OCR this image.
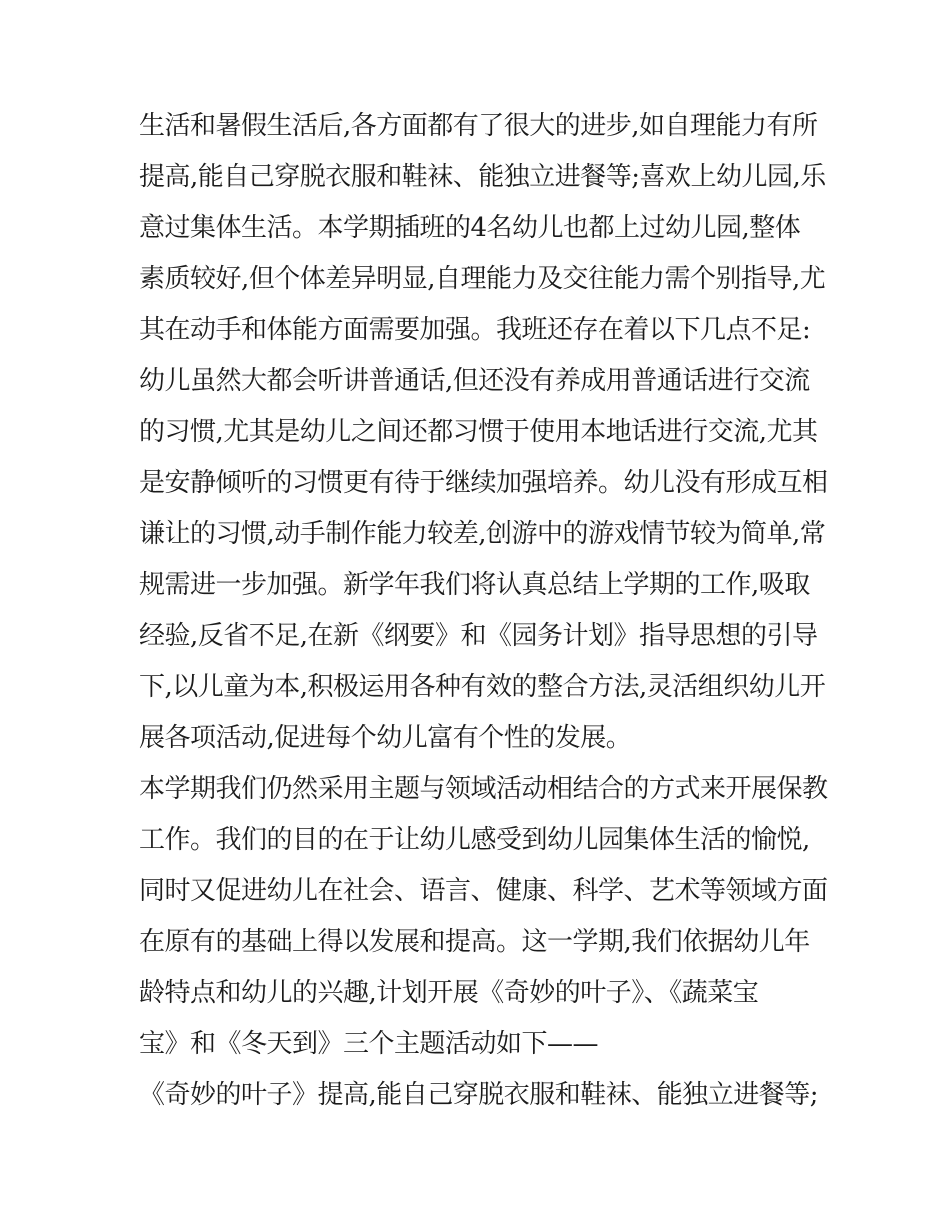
生活和暑假生活后,各方面都有了很大的进步,如自理能力有所
提高,能自己穿脱衣服和鞋袜、能独立进餐等;喜欢上幼儿园,乐
意过集体生活。本学期插班的4名幼儿也都上过幼儿园,整体
素质较好,但个体差异明显,自理能力及交往能力需个别指导,尤
其在动手和体能方面需要加强。我班还存在着以下几点不足:
幼儿虽然大都会听讲普通话,但还没有养成用普通话进行交流
的习惯,尤其是幼儿之间还都习惯于使用本地话进行交流,尤其
是安静倾听的习惯更有待于继续加强培养。幼儿没有形成互相
谦让的习惯,动手制作能力较差,创游中的游戏情节较为简单,常
规需进一步加强。新学年我们将认真总结上学期的工作,吸取
经验,反省不足,在新《纲要》和《园务计划》指导思想的引导
下,以儿童为本,积极运用各种有效的整合方法,灵活组织幼儿开
展各项活动,促进每个幼儿富有个性的发展。
本学期我们仍然采用主题与领域活动相结合的方式来开展保教
工作。我们的目的在于让幼儿感受到幼儿园集体生活的愉悦,
同时又促进幼儿在社会、语言、健康、科学、艺术等领域方面
在原有的基础上得以发展和提高。这一学期,我们依据幼儿年
龄特点和幼儿的兴趣,计划开展《奇妙的叶子》、《蔬菜宝
宝》和《冬天到》三个主题活动如下——
《奇妙的叶子》提高,能自己穿脱衣服和鞋袜、能独立进餐等;
